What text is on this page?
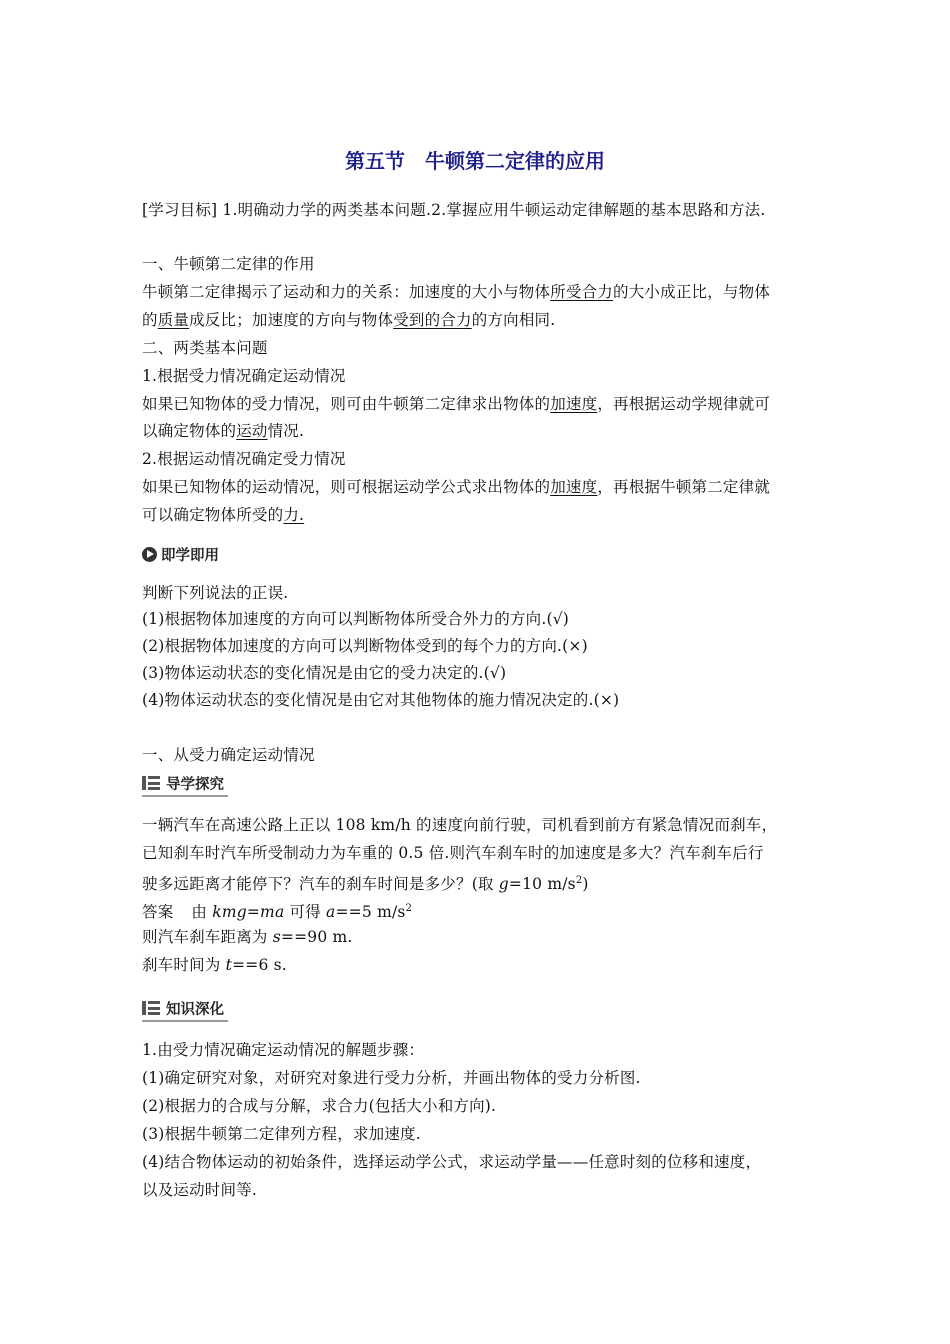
第五节　牛顿第二定律的应用
[学习目标] 1.明确动力学的两类基本问题.2.掌握应用牛顿运动定律解题的基本思路和方法.
一、牛顿第二定律的作用
牛顿第二定律揭示了运动和力的关系：加速度的大小与物体所受合力的大小成正比，与物体
的质量成反比；加速度的方向与物体受到的合力的方向相同.
二、两类基本问题
1.根据受力情况确定运动情况
如果已知物体的受力情况，则可由牛顿第二定律求出物体的加速度，再根据运动学规律就可
以确定物体的运动情况.
2.根据运动情况确定受力情况
如果已知物体的运动情况，则可根据运动学公式求出物体的加速度，再根据牛顿第二定律就
可以确定物体所受的力.
即学即用
判断下列说法的正误.
(1)根据物体加速度的方向可以判断物体所受合外力的方向.(√)
(2)根据物体加速度的方向可以判断物体受到的每个力的方向.(×)
(3)物体运动状态的变化情况是由它的受力决定的.(√)
(4)物体运动状态的变化情况是由它对其他物体的施力情况决定的.(×)
一、从受力确定运动情况
导学探究
一辆汽车在高速公路上正以 108 km/h 的速度向前行驶，司机看到前方有紧急情况而刹车，
已知刹车时汽车所受制动力为车重的 0.5 倍.则汽车刹车时的加速度是多大？汽车刹车后行
驶多远距离才能停下？汽车的刹车时间是多少？(取 g=10 $m/s^2$)
答案 由 kmg=ma 可得 a==5 $m/s^2$
则汽车刹车距离为 s==90 m.
刹车时间为 t==6 s.
知识深化
1.由受力情况确定运动情况的解题步骤：
(1)确定研究对象，对研究对象进行受力分析，并画出物体的受力分析图.
(2)根据力的合成与分解，求合力(包括大小和方向).
(3)根据牛顿第二定律列方程，求加速度.
(4)结合物体运动的初始条件，选择运动学公式，求运动学量——任意时刻的位移和速度，
以及运动时间等.
